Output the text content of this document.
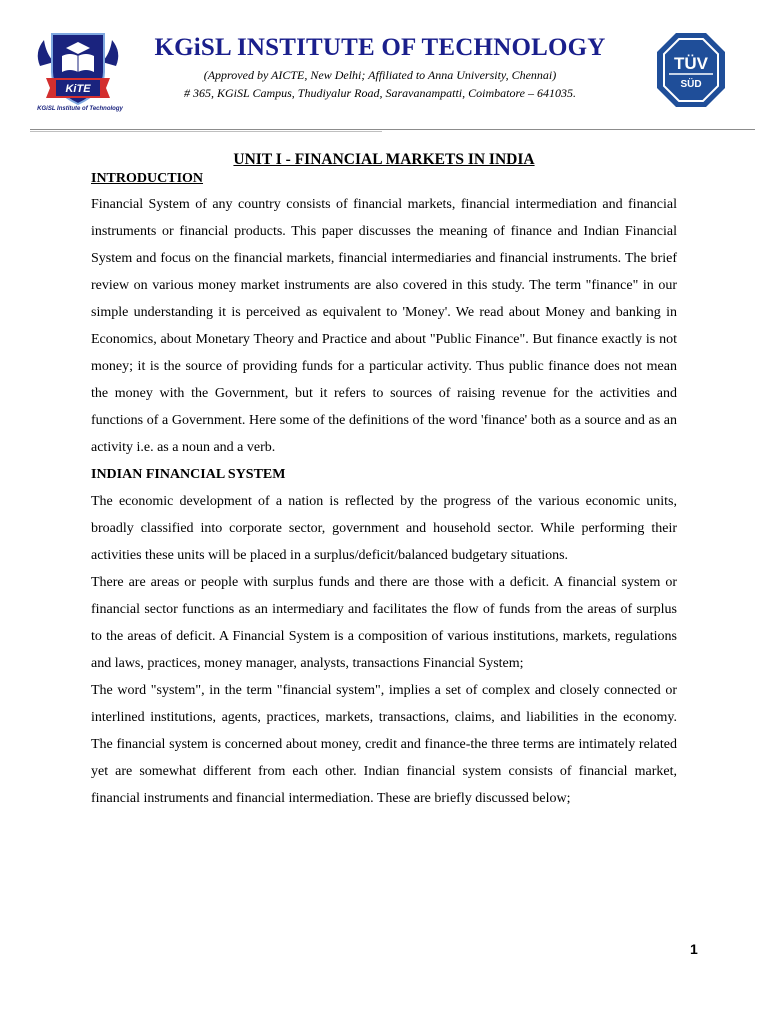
KiTE

KGiSL Institute of Technology
KGiSL INSTITUTE OF TECHNOLOGY
(Approved by AICTE, New Delhi; Affiliated to Anna University, Chennai)
# 365, KGiSL Campus, Thudiyalur Road, Saravanampatti, Coimbatore – 641035.
TÜV
SÜD
UNIT I - FINANCIAL MARKETS IN INDIA
INTRODUCTION

Financial System of any country consists of financial markets, financial intermediation and financial instruments or financial products. This paper discusses the meaning of finance and Indian Financial System and focus on the financial markets, financial intermediaries and financial instruments. The brief review on various money market instruments are also covered in this study. The term "finance" in our simple understanding it is perceived as equivalent to 'Money'. We read about Money and banking in Economics, about Monetary Theory and Practice and about "Public Finance". But finance exactly is not money; it is the source of providing funds for a particular activity. Thus public finance does not mean the money with the Government, but it refers to sources of raising revenue for the activities and functions of a Government. Here some of the definitions of the word 'finance' both as a source and as an activity i.e. as a noun and a verb.

INDIAN FINANCIAL SYSTEM

The economic development of a nation is reflected by the progress of the various economic units, broadly classified into corporate sector, government and household sector. While performing their activities these units will be placed in a surplus/deficit/balanced budgetary situations.

There are areas or people with surplus funds and there are those with a deficit. A financial system or financial sector functions as an intermediary and facilitates the flow of funds from the areas of surplus to the areas of deficit. A Financial System is a composition of various institutions, markets, regulations and laws, practices, money manager, analysts, transactions Financial System;

The word "system", in the term "financial system", implies a set of complex and closely connected or interlined institutions, agents, practices, markets, transactions, claims, and liabilities in the economy. The financial system is concerned about money, credit and finance-the three terms are intimately related yet are somewhat different from each other. Indian financial system consists of financial market, financial instruments and financial intermediation. These are briefly discussed below;

1
